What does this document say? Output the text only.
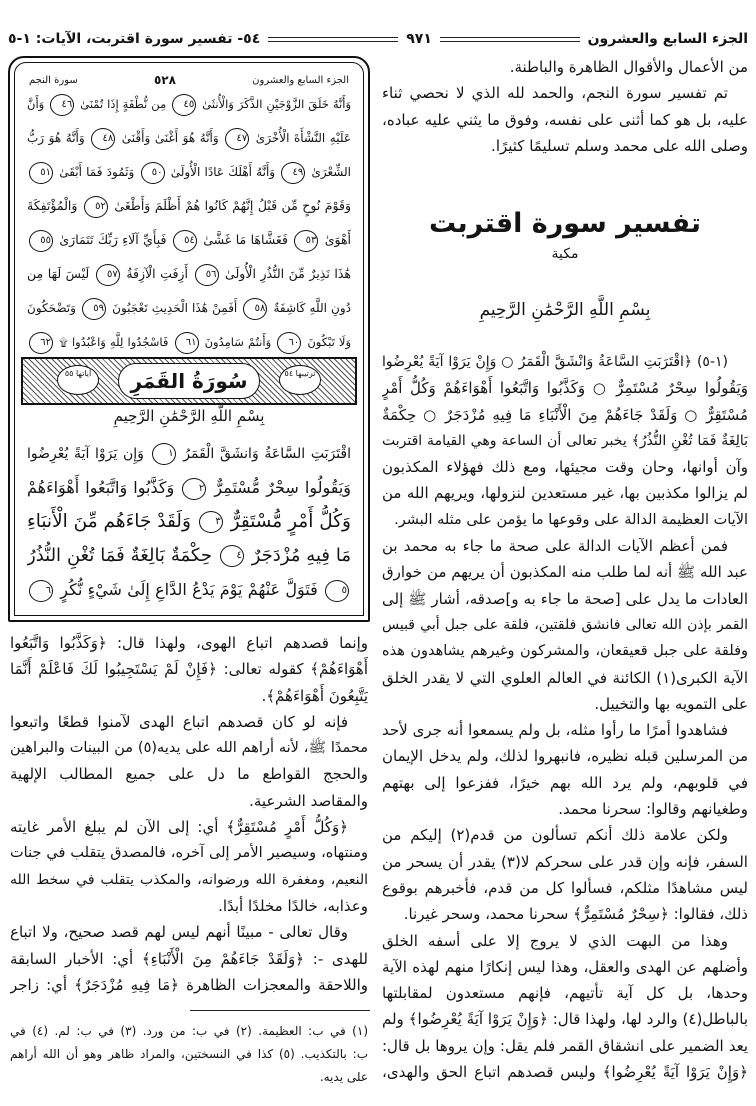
الجزء السابع والعشرون
٩٧١
٥٤- تفسير سورة اقتربت، الآيات: ١-٥
الجزء السابع والعشرون
٥٢٨
سورة النجم
وَأَنَّهُ خَلَقَ الزَّوْجَيْنِ الذَّكَرَ وَالْأُنثَىٰ ٤٥ مِن نُّطْفَةٍ إِذَا تُمْنَىٰ ٤٦ وَأَنَّ
عَلَيْهِ النَّشْأَةَ الْأُخْرَىٰ ٤٧ وَأَنَّهُ هُوَ أَغْنَىٰ وَأَقْنَىٰ ٤٨ وَأَنَّهُ هُوَ رَبُّ
الشِّعْرَىٰ ٤٩ وَأَنَّهُ أَهْلَكَ عَادًا الْأُولَىٰ ٥٠ وَثَمُودَ فَمَا أَبْقَىٰ ٥١
وَقَوْمَ نُوحٍ مِّن قَبْلُ إِنَّهُمْ كَانُوا هُمْ أَظْلَمَ وَأَطْغَىٰ ٥٢ وَالْمُؤْتَفِكَةَ
أَهْوَىٰ ٥٣ فَغَشَّاهَا مَا غَشَّىٰ ٥٤ فَبِأَيِّ آلَاءِ رَبِّكَ تَتَمَارَىٰ ٥٥
هَٰذَا نَذِيرٌ مِّنَ النُّذُرِ الْأُولَىٰ ٥٦ أَزِفَتِ الْآزِفَةُ ٥٧ لَيْسَ لَهَا مِن
دُونِ اللَّهِ كَاشِفَةٌ ٥٨ أَفَمِنْ هَٰذَا الْحَدِيثِ تَعْجَبُونَ ٥٩ وَتَضْحَكُونَ
وَلَا تَبْكُونَ ٦٠ وَأَنتُمْ سَامِدُونَ ٦١ فَاسْجُدُوا لِلَّهِ وَاعْبُدُوا ۩ ٦٢
سُورَةُ القَمَرِ	ترتيبها ٥٤
آياتها ٥٥
بِسْمِ اللَّهِ الرَّحْمَٰنِ الرَّحِيمِ
اقْتَرَبَتِ السَّاعَةُ وَانشَقَّ الْقَمَرُ ١ وَإِن يَرَوْا آيَةً يُعْرِضُوا
وَيَقُولُوا سِحْرٌ مُّسْتَمِرٌّ ٢ وَكَذَّبُوا وَاتَّبَعُوا أَهْوَاءَهُمْ
وَكُلُّ أَمْرٍ مُّسْتَقِرٌّ ٣ وَلَقَدْ جَاءَهُم مِّنَ الْأَنبَاءِ
مَا فِيهِ مُزْدَجَرٌ ٤ حِكْمَةٌ بَالِغَةٌ فَمَا تُغْنِ النُّذُرُ
٥ فَتَوَلَّ عَنْهُمْ يَوْمَ يَدْعُ الدَّاعِ إِلَىٰ شَيْءٍ نُّكُرٍ ٦
من الأعمال والأقوال الظاهرة والباطنة.
تم تفسير سورة النجم، والحمد لله الذي لا نحصي ثناء
عليه، بل هو كما أثنى على نفسه، وفوق ما يثني عليه عباده،
وصلى الله على محمد وسلم تسليمًا كثيرًا.
تفسير سورة اقتربت
مكية
بِسْمِ اللَّهِ الرَّحْمَٰنِ الرَّحِيمِ
(١-٥) ﴿اقْتَرَبَتِ السَّاعَةُ وَانْشَقَّ الْقَمَرُ ○ وَإِنْ يَرَوْا آيَةً يُعْرِضُوا
وَيَقُولُوا سِحْرٌ مُسْتَمِرٌّ ○ وَكَذَّبُوا وَاتَّبَعُوا أَهْوَاءَهُمْ وَكُلُّ أَمْرٍ
مُسْتَقِرٌّ ○ وَلَقَدْ جَاءَهُمْ مِنَ الْأَنْبَاءِ مَا فِيهِ مُزْدَجَرٌ ○ حِكْمَةٌ
بَالِغَةٌ فَمَا تُغْنِ النُّذُرُ﴾ يخبر تعالى أن الساعة وهي القيامة اقتربت
وآن أوانها، وحان وقت مجيئها، ومع ذلك فهؤلاء المكذبون
لم يزالوا مكذبين بها، غير مستعدين لنزولها، ويريهم الله من
الآيات العظيمة الدالة على وقوعها ما يؤمن على مثله البشر.
فمن أعظم الآيات الدالة على صحة ما جاء به محمد بن
عبد الله ﷺ أنه لما طلب منه المكذبون أن يريهم من خوارق
العادات ما يدل على [صحة ما جاء به و]صدقه، أشار ﷺ إلى
القمر بإذن الله تعالى فانشق فلقتين، فلقة على جبل أبي قبيس
وفلقة على جبل قعيقعان، والمشركون وغيرهم يشاهدون هذه
الآية الكبرى(١) الكائنة في العالم العلوي التي لا يقدر الخلق
على التمويه بها والتخييل.
فشاهدوا أمرًا ما رأوا مثله، بل ولم يسمعوا أنه جرى لأحد
من المرسلين قبله نظيره، فانبهروا لذلك، ولم يدخل الإيمان
في قلوبهم، ولم يرد الله بهم خيرًا، ففزعوا إلى بهتهم
وطغيانهم وقالوا: سحرنا محمد.
ولكن علامة ذلك أنكم تسألون من قدم(٢) إليكم من
السفر، فإنه وإن قدر على سحركم لا(٣) يقدر أن يسحر من
ليس مشاهدًا مثلكم، فسألوا كل من قدم، فأخبرهم بوقوع
ذلك، فقالوا: ﴿سِحْرٌ مُسْتَمِرٌّ﴾ سحرنا محمد، وسحر غيرنا.
وهذا من البهت الذي لا يروج إلا على أسفه الخلق
وأضلهم عن الهدى والعقل، وهذا ليس إنكارًا منهم لهذه الآية
وحدها، بل كل آية تأتيهم، فإنهم مستعدون لمقابلتها
بالباطل(٤) والرد لها، ولهذا قال: ﴿وَإِنْ يَرَوْا آيَةً يُعْرِضُوا﴾ ولم
يعد الضمير على انشقاق القمر فلم يقل: وإن يروها بل قال:
﴿وَإِنْ يَرَوْا آيَةً يُعْرِضُوا﴾ وليس قصدهم اتباع الحق والهدى،
وإنما قصدهم اتباع الهوى، ولهذا قال: ﴿وَكَذَّبُوا وَاتَّبَعُوا
أَهْوَاءَهُمْ﴾ كقوله تعالى: ﴿فَإِنْ لَمْ يَسْتَجِيبُوا لَكَ فَاعْلَمْ أَنَّمَا
يَتَّبِعُونَ أَهْوَاءَهُمْ﴾.
فإنه لو كان قصدهم اتباع الهدى لآمنوا قطعًا واتبعوا
محمدًا ﷺ، لأنه أراهم الله على يديه(٥) من البينات والبراهين
والحجج القواطع ما دل على جميع المطالب الإلهية
والمقاصد الشرعية.
﴿وَكُلُّ أَمْرٍ مُسْتَقِرٌّ﴾ أي: إلى الآن لم يبلغ الأمر غايته
ومنتهاه، وسيصير الأمر إلى آخره، فالمصدق يتقلب في جنات
النعيم، ومغفرة الله ورضوانه، والمكذب يتقلب في سخط الله
وعذابه، خالدًا مخلدًا أبدًا.
وقال تعالى - مبينًا أنهم ليس لهم قصد صحيح، ولا اتباع
للهدى -: ﴿وَلَقَدْ جَاءَهُمْ مِنَ الْأَنْبَاءِ﴾ أي: الأخبار السابقة
واللاحقة والمعجزات الظاهرة ﴿مَا فِيهِ مُزْدَجَرٌ﴾ أي: زاجر
(١) في ب: العظيمة. (٢) في ب: من ورد. (٣) في ب: لم. (٤) في
ب: بالتكذيب. (٥) كذا في النسختين، والمراد ظاهر وهو أن الله أراهم
على يديه.
